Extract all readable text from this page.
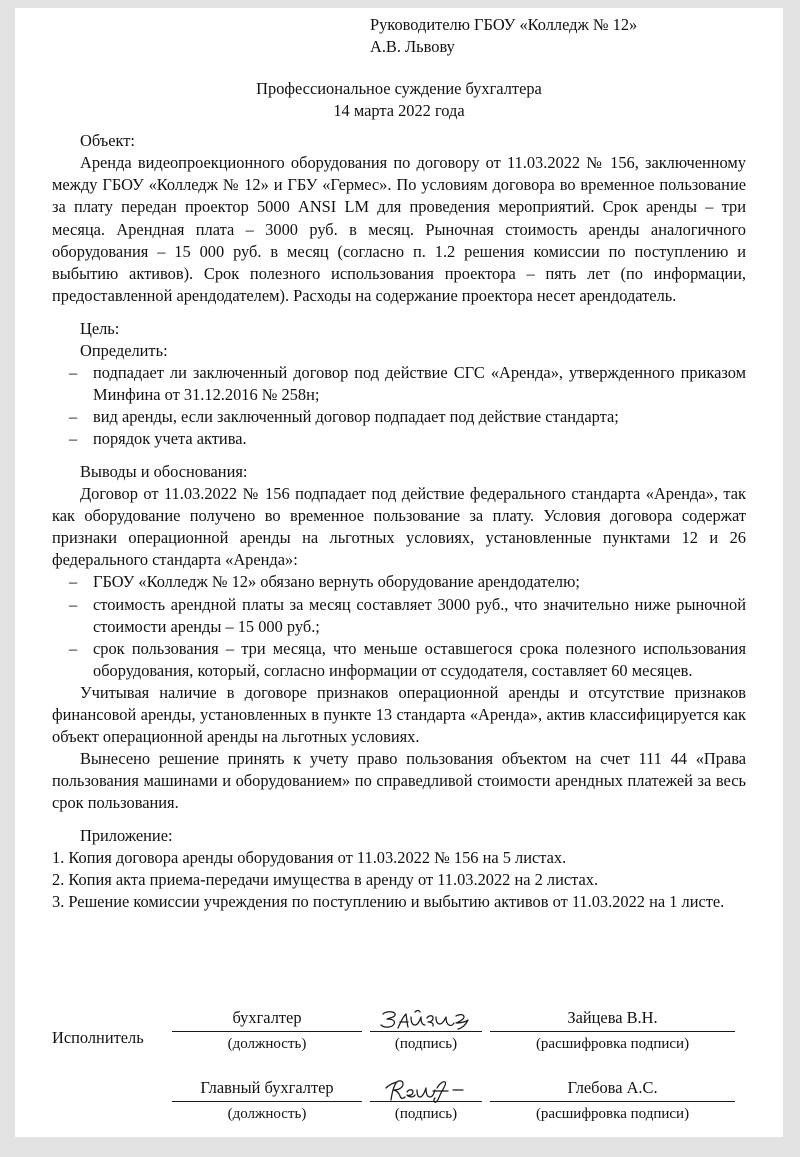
Руководителю ГБОУ «Колледж № 12»
А.В. Львову
Профессиональное суждение бухгалтера
14 марта 2022 года

Объект:

Аренда видеопроекционного оборудования по договору от 11.03.2022 № 156, заключенному между ГБОУ «Колледж № 12» и ГБУ «Гермес». По условиям договора во временное пользование за плату передан проектор 5000 ANSI LM для проведения мероприятий. Срок аренды – три месяца. Арендная плата – 3000 руб. в месяц. Рыночная стоимость аренды аналогичного оборудования – 15 000 руб. в месяц (согласно п. 1.2 решения комиссии по поступлению и выбытию активов). Срок полезного использования проектора – пять лет (по информации, предоставленной арендодателем). Расходы на содержание проектора несет арендодатель.

Цель:

Определить:

– подпадает ли заключенный договор под действие СГС «Аренда», утвержденного приказом Минфина от 31.12.2016 № 258н;
– вид аренды, если заключенный договор подпадает под действие стандарта;
– порядок учета актива.

Выводы и обоснования:

Договор от 11.03.2022 № 156 подпадает под действие федерального стандарта «Аренда», так как оборудование получено во временное пользование за плату. Условия договора содержат признаки операционной аренды на льготных условиях, установленные пунктами 12 и 26 федерального стандарта «Аренда»:

– ГБОУ «Колледж № 12» обязано вернуть оборудование арендодателю;
– стоимость арендной платы за месяц составляет 3000 руб., что значительно ниже рыночной стоимости аренды – 15 000 руб.;
– срок пользования – три месяца, что меньше оставшегося срока полезного использования оборудования, который, согласно информации от ссудодателя, составляет 60 месяцев.

Учитывая наличие в договоре признаков операционной аренды и отсутствие признаков финансовой аренды, установленных в пункте 13 стандарта «Аренда», актив классифицируется как объект операционной аренды на льготных условиях.

Вынесено решение принять к учету право пользования объектом на счет 111 44 «Права пользования машинами и оборудованием» по справедливой стоимости арендных платежей за весь срок пользования.

Приложение:

1. Копия договора аренды оборудования от 11.03.2022 № 156 на 5 листах.

2. Копия акта приема-передачи имущества в аренду от 11.03.2022 на 2 листах.

3. Решение комиссии учреждения по поступлению и выбытию активов от 11.03.2022 на 1 листе.

Исполнитель
бухгалтер
(должность)	(подпись)
Зайцева В.Н.
(расшифровка подписи)
Главный бухгалтер
(должность)	(подпись)
Глебова А.С.
(расшифровка подписи)
